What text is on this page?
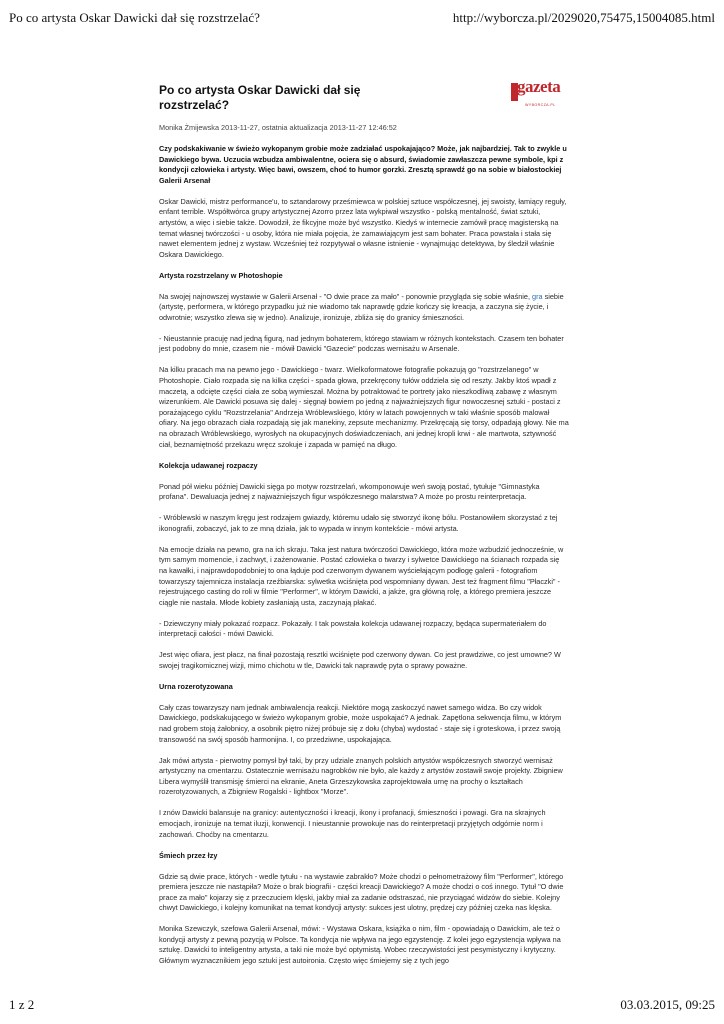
Po co artysta Oskar Dawicki dał się rozstrzelać?	http://wyborcza.pl/2029020,75475,15004085.html
Po co artysta Oskar Dawicki dał się rozstrzelać?
gazeta
WYBORCZA.PL
Monika Żmijewska 2013-11-27, ostatnia aktualizacja 2013-11-27 12:46:52
Czy podskakiwanie w świeżo wykopanym grobie może zadziałać uspokajająco? Może, jak najbardziej. Tak to zwykle u Dawickiego bywa. Uczucia wzbudza ambiwalentne, ociera się o absurd, świadomie zawłaszcza pewne symbole, kpi z kondycji człowieka i artysty. Więc bawi, owszem, choć to humor gorzki. Zresztą sprawdź go na sobie w białostockiej Galerii Arsenał

Oskar Dawicki, mistrz performance'u, to sztandarowy prześmiewca w polskiej sztuce współczesnej, jej swoisty, łamiący reguły, enfant terrible. Współtwórca grupy artystycznej Azorro przez lata wykpiwał wszystko - polską mentalność, świat sztuki, artystów, a więc i siebie także. Dowodził, że fikcyjne może być wszystko. Kiedyś w internecie zamówił pracę magisterską na temat własnej twórczości - u osoby, która nie miała pojęcia, że zamawiającym jest sam bohater. Praca powstała i stała się nawet elementem jednej z wystaw. Wcześniej też rozpytywał o własne istnienie - wynajmując detektywa, by śledził właśnie Oskara Dawickiego.

Artysta rozstrzelany w Photoshopie

Na swojej najnowszej wystawie w Galerii Arsenał - "O dwie prace za mało" - ponownie przygląda się sobie właśnie, gra siebie (artystę, performera, w którego przypadku już nie wiadomo tak naprawdę gdzie kończy się kreacja, a zaczyna się życie, i odwrotnie; wszystko zlewa się w jedno). Analizuje, ironizuje, zbliża się do granicy śmieszności.

- Nieustannie pracuję nad jedną figurą, nad jednym bohaterem, którego stawiam w różnych kontekstach. Czasem ten bohater jest podobny do mnie, czasem nie - mówił Dawicki "Gazecie" podczas wernisażu w Arsenale.

Na kilku pracach ma na pewno jego - Dawickiego - twarz. Wielkoformatowe fotografie pokazują go "rozstrzelanego" w Photoshopie. Ciało rozpada się na kilka części - spada głowa, przekręcony tułów oddziela się od reszty. Jakby ktoś wpadł z maczetą, a odcięte części ciała ze sobą wymieszał. Można by potraktować te portrety jako nieszkodliwą zabawę z własnym wizerunkiem. Ale Dawicki posuwa się dalej - sięgnął bowiem po jedną z najważniejszych figur nowoczesnej sztuki - postaci z porażającego cyklu "Rozstrzelania" Andrzeja Wróblewskiego, który w latach powojennych w taki właśnie sposób malował ofiary. Na jego obrazach ciała rozpadają się jak manekiny, zepsute mechanizmy. Przekręcają się torsy, odpadają głowy. Nie ma na obrazach Wróblewskiego, wyrosłych na okupacyjnych doświadczeniach, ani jednej kropli krwi - ale martwota, sztywność ciał, beznamiętność przekazu wręcz szokuje i zapada w pamięć na długo.

Kolekcja udawanej rozpaczy

Ponad pół wieku później Dawicki sięga po motyw rozstrzelań, wkomponowuje weń swoją postać, tytułuje "Gimnastyka profana". Dewaluacja jednej z najważniejszych figur współczesnego malarstwa? A może po prostu reinterpretacja.

- Wróblewski w naszym kręgu jest rodzajem gwiazdy, któremu udało się stworzyć ikonę bólu. Postanowiłem skorzystać z tej ikonografii, zobaczyć, jak to ze mną działa, jak to wypada w innym kontekście - mówi artysta.

Na emocje działa na pewno, gra na ich skraju. Taka jest natura twórczości Dawickiego, która może wzbudzić jednocześnie, w tym samym momencie, i zachwyt, i zażenowanie. Postać człowieka o twarzy i sylwetce Dawickiego na ścianach rozpada się na kawałki, i najprawdopodobniej to ona łąduje pod czerwonym dywanem wyściełającym podłogę galerii - fotografiom towarzyszy tajemnicza instalacja rzeźbiarska: sylwetka wciśnięta pod wspomniany dywan. Jest też fragment filmu "Płaczki" - rejestrującego casting do roli w filmie "Performer", w którym Dawicki, a jakże, gra główną rolę, a którego premiera jeszcze ciągle nie nastała. Młode kobiety zasłaniają usta, zaczynają płakać.

- Dziewczyny miały pokazać rozpacz. Pokazały. I tak powstała kolekcja udawanej rozpaczy, będąca supermateriałem do interpretacji całości - mówi Dawicki.

Jest więc ofiara, jest płacz, na finał pozostają resztki wciśnięte pod czerwony dywan. Co jest prawdziwe, co jest umowne? W swojej tragikomicznej wizji, mimo chichotu w tle, Dawicki tak naprawdę pyta o sprawy poważne.

Urna rozerotyzowana

Cały czas towarzyszy nam jednak ambiwalencja reakcji. Niektóre mogą zaskoczyć nawet samego widza. Bo czy widok Dawickiego, podskakującego w świeżo wykopanym grobie, może uspokajać? A jednak. Zapętlona sekwencja filmu, w którym nad grobem stoją żałobnicy, a osobnik piętro niżej próbuje się z dołu (chyba) wydostać - staje się i groteskowa, i przez swoją transowość na swój sposób harmonijna. I, co przedziwne, uspokajająca.

Jak mówi artysta - pierwotny pomysł był taki, by przy udziale znanych polskich artystów współczesnych stworzyć wernisaż artystyczny na cmentarzu. Ostatecznie wernisażu nagrobków nie było, ale każdy z artystów zostawił swoje projekty. Zbigniew Libera wymyślił transmisję śmierci na ekranie, Aneta Grzeszykowska zaprojektowała urnę na prochy o kształtach rozerotyzowanych, a Zbigniew Rogalski - lightbox "Morze".

I znów Dawicki balansuje na granicy: autentyczności i kreacji, ikony i profanacji, śmieszności i powagi. Gra na skrajnych emocjach, ironizuje na temat iluzji, konwencji. I nieustannie prowokuje nas do reinterpretacji przyjętych odgórnie norm i zachowań. Choćby na cmentarzu.

Śmiech przez łzy

Gdzie są dwie prace, których - wedle tytułu - na wystawie zabrakło? Może chodzi o pełnometrażowy film "Performer", którego premiera jeszcze nie nastąpiła? Może o brak biografii - części kreacji Dawickiego? A może chodzi o coś innego. Tytuł "O dwie prace za mało" kojarzy się z przeczuciem klęski, jakby miał za zadanie odstraszać, nie przyciągać widzów do siebie. Kolejny chwyt Dawickiego, i kolejny komunikat na temat kondycji artysty: sukces jest ulotny, prędzej czy później czeka nas klęska.

Monika Szewczyk, szefowa Galerii Arsenał, mówi: - Wystawa Oskara, książka o nim, film - opowiadają o Dawickim, ale też o kondycji artysty z pewną pozycją w Polsce. Ta kondycja nie wpływa na jego egzystencję. Z kolei jego egzystencja wpływa na sztukę. Dawicki to inteligentny artysta, a taki nie może być optymistą. Wobec rzeczywistości jest pesymistyczny i krytyczny. Głównym wyznacznikiem jego sztuki jest autoironia. Często więc śmiejemy się z tych jego

1 z 2	03.03.2015, 09:25
